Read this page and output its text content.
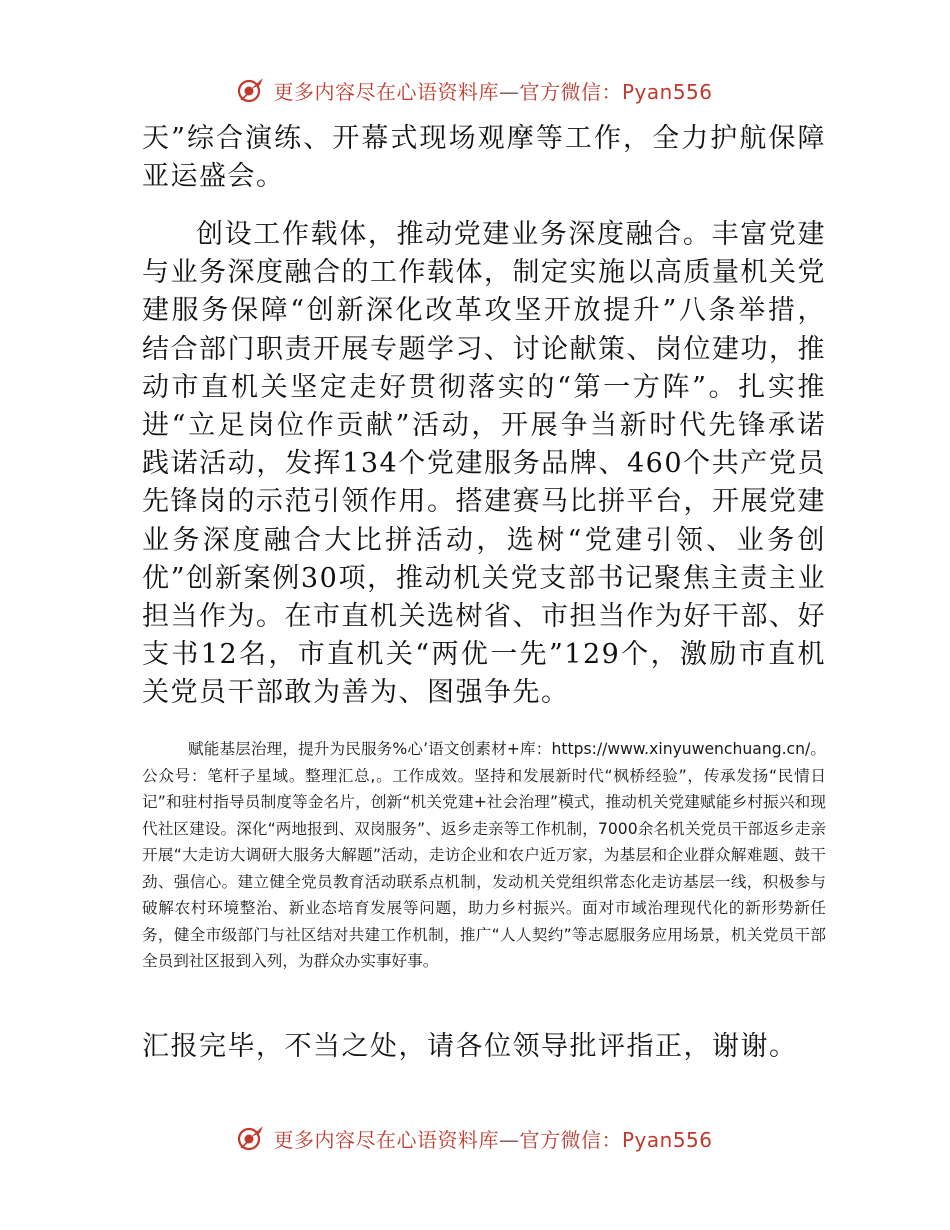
更多内容尽在心语资料库—官方微信：Pyan556
天”综合演练、开幕式现场观摩等工作，全力护航保障亚运盛会。
创设工作载体，推动党建业务深度融合。丰富党建与业务深度融合的工作载体，制定实施以高质量机关党建服务保障“创新深化改革攻坚开放提升”八条举措，结合部门职责开展专题学习、讨论献策、岗位建功，推动市直机关坚定走好贯彻落实的“第一方阵”。扎实推进“立足岗位作贡献”活动，开展争当新时代先锋承诺践诺活动，发挥134个党建服务品牌、460个共产党员先锋岗的示范引领作用。搭建赛马比拼平台，开展党建业务深度融合大比拼活动，选树“党建引领、业务创优”创新案例30项，推动机关党支部书记聚焦主责主业担当作为。在市直机关选树省、市担当作为好干部、好支书12名，市直机关“两优一先”129个，激励市直机关党员干部敢为善为、图强争先。
赋能基层治理，提升为民服务%心’语文创素材+库：https://www.xinyuwenchuang.cn/。公众号：笔杆子星域。整理汇总,。工作成效。坚持和发展新时代“枫桥经验”，传承发扬“民情日记”和驻村指导员制度等金名片，创新“机关党建+社会治理”模式，推动机关党建赋能乡村振兴和现代社区建设。深化“两地报到、双岗服务”、返乡走亲等工作机制，7000余名机关党员干部返乡走亲开展“大走访大调研大服务大解题”活动，走访企业和农户近万家，为基层和企业群众解难题、鼓干劲、强信心。建立健全党员教育活动联系点机制，发动机关党组织常态化走访基层一线，积极参与破解农村环境整治、新业态培育发展等问题，助力乡村振兴。面对市域治理现代化的新形势新任务，健全市级部门与社区结对共建工作机制，推广“人人契约”等志愿服务应用场景，机关党员干部全员到社区报到入列，为群众办实事好事。
汇报完毕，不当之处，请各位领导批评指正，谢谢。
更多内容尽在心语资料库—官方微信：Pyan556
